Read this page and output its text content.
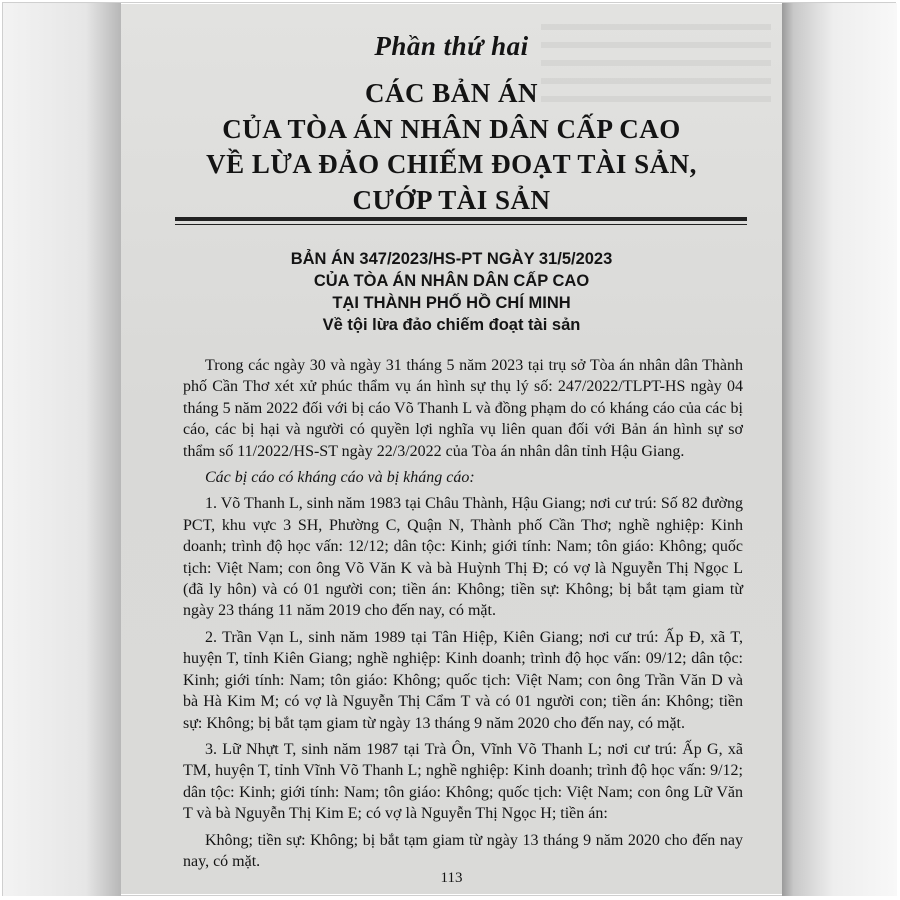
Phần thứ hai
CÁC BẢN ÁN
CỦA TÒA ÁN NHÂN DÂN CẤP CAO
VỀ LỪA ĐẢO CHIẾM ĐOẠT TÀI SẢN,
CƯỚP TÀI SẢN
BẢN ÁN 347/2023/HS-PT NGÀY 31/5/2023
CỦA TÒA ÁN NHÂN DÂN CẤP CAO
TẠI THÀNH PHỐ HỒ CHÍ MINH
Về tội lừa đảo chiếm đoạt tài sản

Trong các ngày 30 và ngày 31 tháng 5 năm 2023 tại trụ sở Tòa án nhân dân Thành phố Cần Thơ xét xử phúc thẩm vụ án hình sự thụ lý số: 247/2022/TLPT-HS ngày 04 tháng 5 năm 2022 đối với bị cáo Võ Thanh L và đồng phạm do có kháng cáo của các bị cáo, các bị hại và người có quyền lợi nghĩa vụ liên quan đối với Bản án hình sự sơ thẩm số 11/2022/HS-ST ngày 22/3/2022 của Tòa án nhân dân tỉnh Hậu Giang.

Các bị cáo có kháng cáo và bị kháng cáo:

1. Võ Thanh L, sinh năm 1983 tại Châu Thành, Hậu Giang; nơi cư trú: Số 82 đường PCT, khu vực 3 SH, Phường C, Quận N, Thành phố Cần Thơ; nghề nghiệp: Kinh doanh; trình độ học vấn: 12/12; dân tộc: Kinh; giới tính: Nam; tôn giáo: Không; quốc tịch: Việt Nam; con ông Võ Văn K và bà Huỳnh Thị Đ; có vợ là Nguyễn Thị Ngọc L (đã ly hôn) và có 01 người con; tiền án: Không; tiền sự: Không; bị bắt tạm giam từ ngày 23 tháng 11 năm 2019 cho đến nay, có mặt.

2. Trần Vạn L, sinh năm 1989 tại Tân Hiệp, Kiên Giang; nơi cư trú: Ấp Đ, xã T, huyện T, tỉnh Kiên Giang; nghề nghiệp: Kinh doanh; trình độ học vấn: 09/12; dân tộc: Kinh; giới tính: Nam; tôn giáo: Không; quốc tịch: Việt Nam; con ông Trần Văn D và bà Hà Kim M; có vợ là Nguyễn Thị Cẩm T và có 01 người con; tiền án: Không; tiền sự: Không; bị bắt tạm giam từ ngày 13 tháng 9 năm 2020 cho đến nay, có mặt.

3. Lữ Nhựt T, sinh năm 1987 tại Trà Ôn, Vĩnh Võ Thanh L; nơi cư trú: Ấp G, xã TM, huyện T, tỉnh Vĩnh Võ Thanh L; nghề nghiệp: Kinh doanh; trình độ học vấn: 9/12; dân tộc: Kinh; giới tính: Nam; tôn giáo: Không; quốc tịch: Việt Nam; con ông Lữ Văn T và bà Nguyễn Thị Kim E; có vợ là Nguyễn Thị Ngọc H; tiền án:

Không; tiền sự: Không; bị bắt tạm giam từ ngày 13 tháng 9 năm 2020 cho đến nay nay, có mặt.

113
